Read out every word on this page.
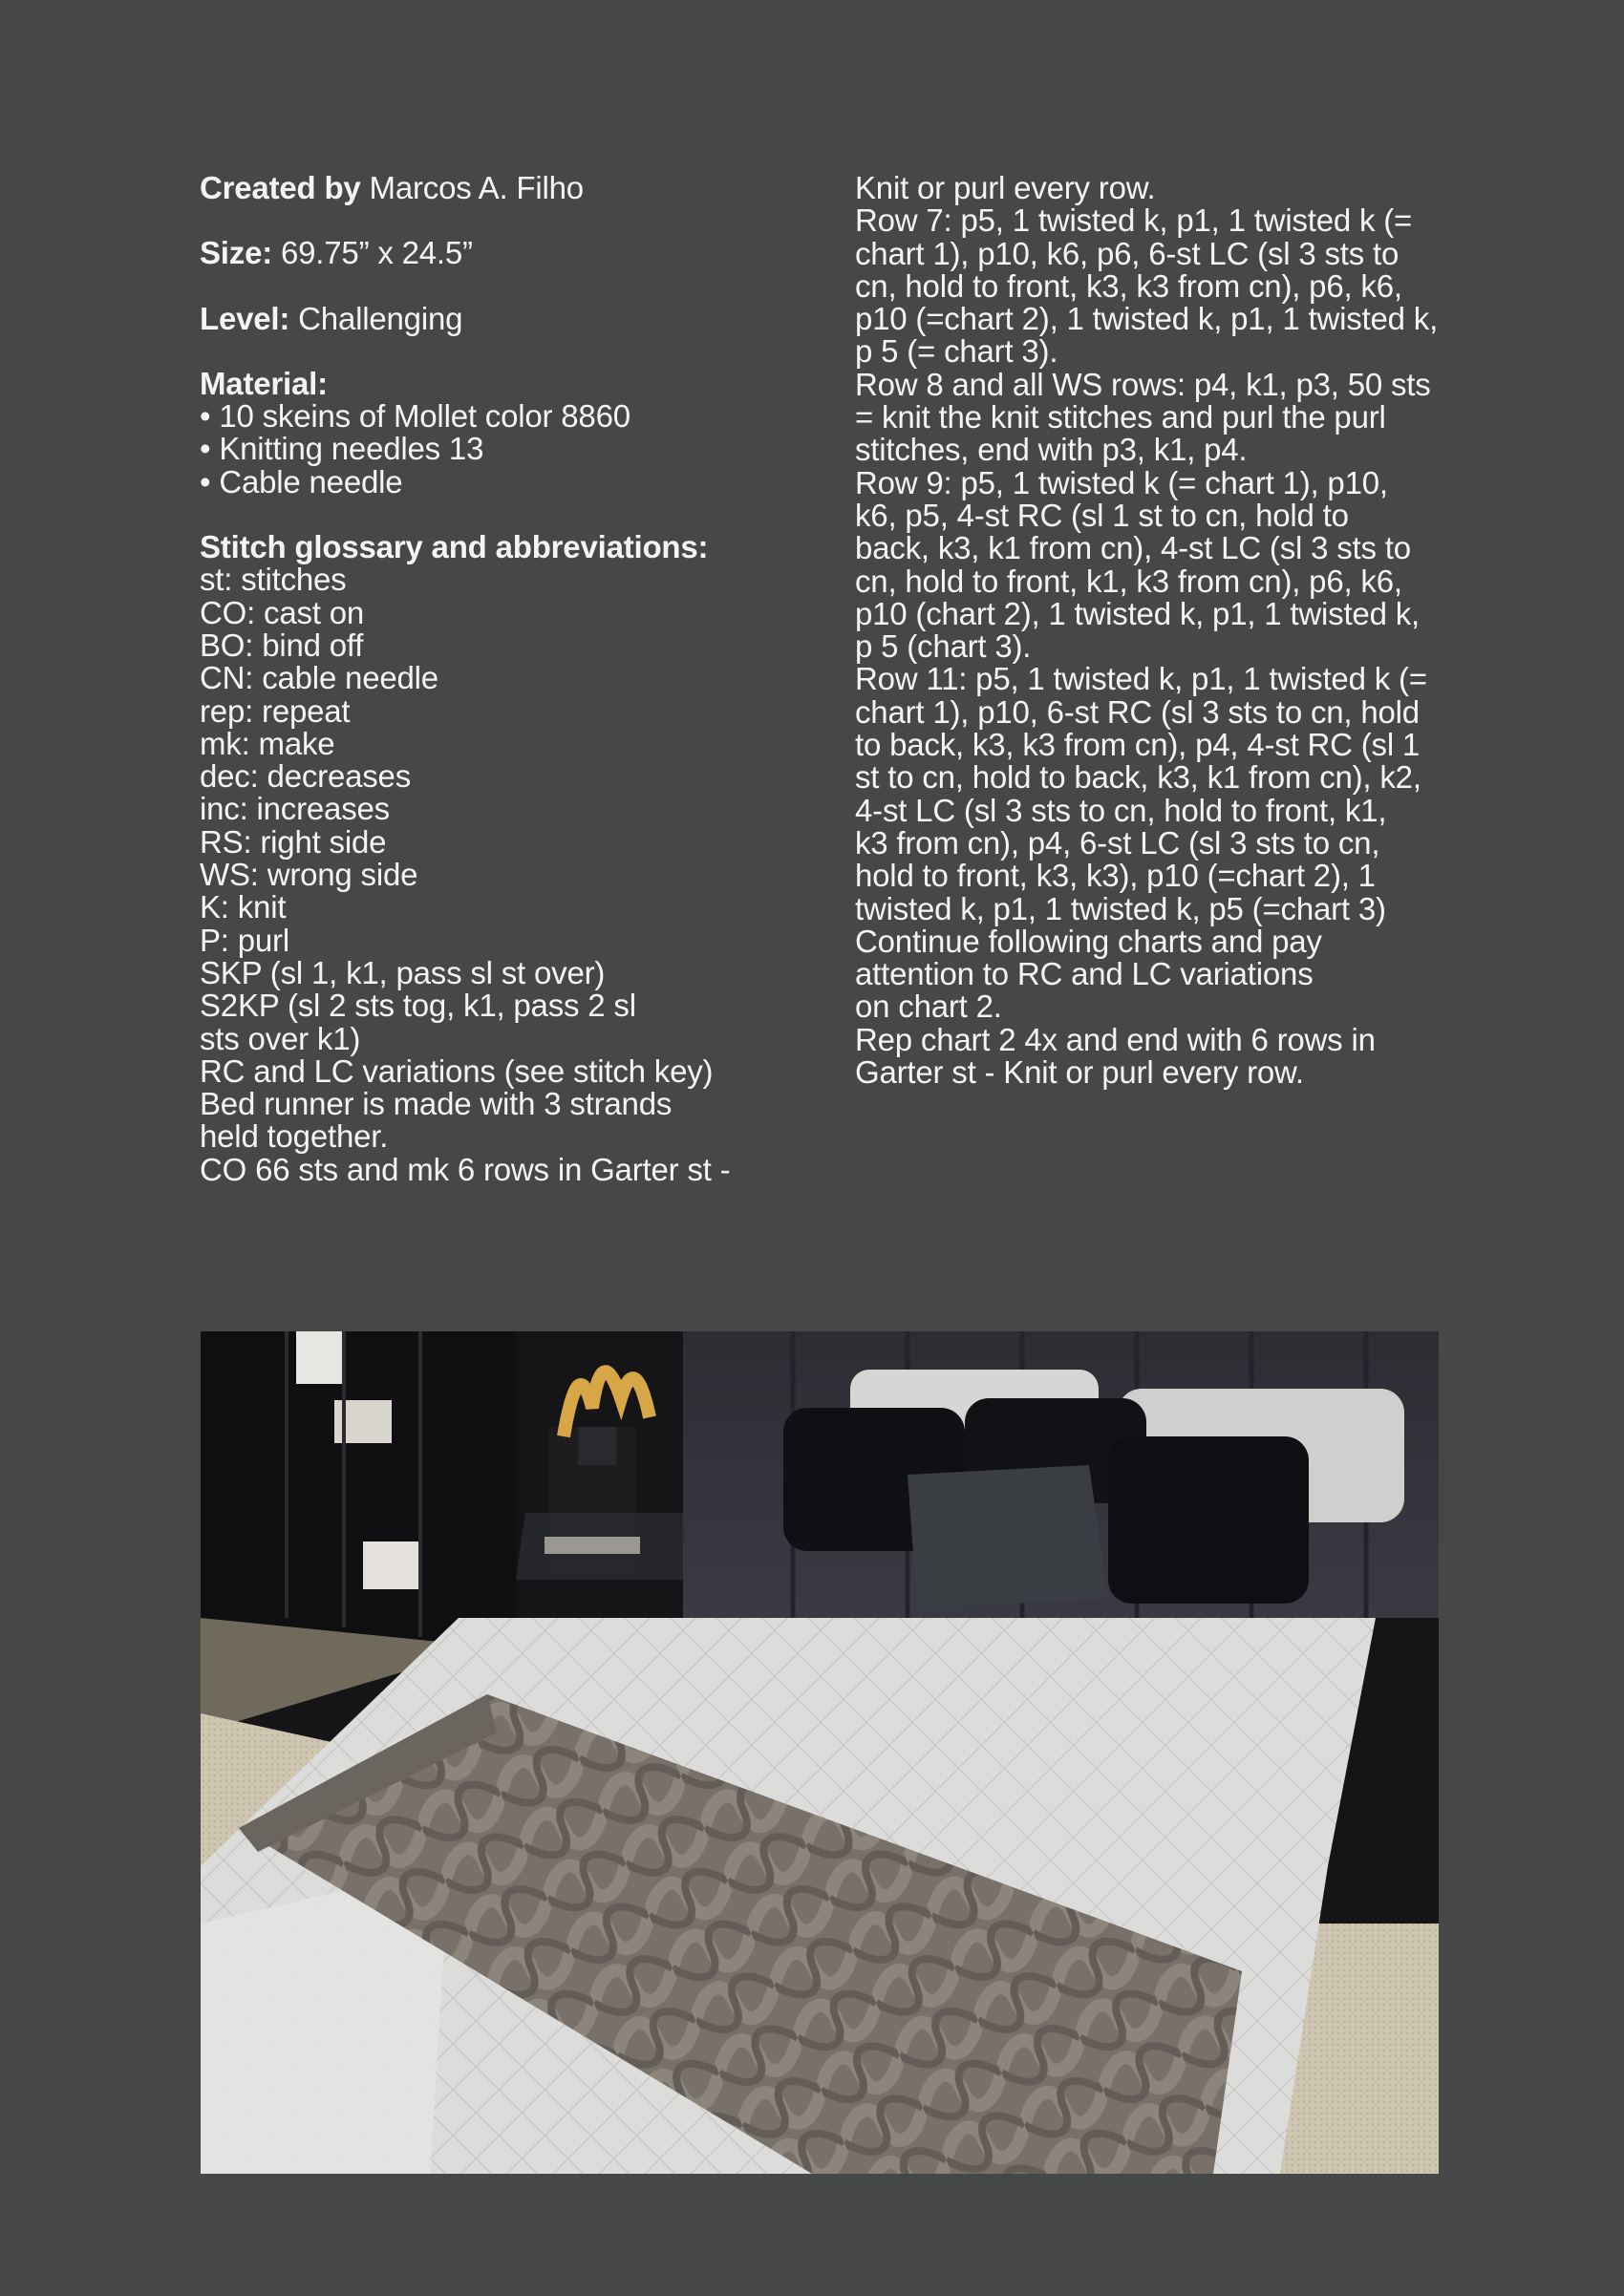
Created by Marcos A. Filho
Size: 69.75” x 24.5”
Level: Challenging
Material:
• 10 skeins of Mollet color 8860
• Knitting needles 13
• Cable needle
Stitch glossary and abbreviations:
st: stitches
CO: cast on
BO: bind off
CN: cable needle
rep: repeat
mk: make
dec: decreases
inc: increases
RS: right side
WS: wrong side
K: knit
P: purl
SKP (sl 1, k1, pass sl st over)
S2KP (sl 2 sts tog, k1, pass 2 sl
sts over k1)
RC and LC variations (see stitch key)
Bed runner is made with 3 strands
held together.
CO 66 sts and mk 6 rows in Garter st -
Knit or purl every row.
Row 7: p5, 1 twisted k, p1, 1 twisted k (=
chart 1), p10, k6, p6, 6-st LC (sl 3 sts to
cn, hold to front, k3, k3 from cn), p6, k6,
p10 (=chart 2), 1 twisted k, p1, 1 twisted k,
p 5 (= chart 3).
Row 8 and all WS rows: p4, k1, p3, 50 sts
= knit the knit stitches and purl the purl
stitches, end with p3, k1, p4.
Row 9: p5, 1 twisted k (= chart 1), p10,
k6, p5, 4-st RC (sl 1 st to cn, hold to
back, k3, k1 from cn), 4-st LC (sl 3 sts to
cn, hold to front, k1, k3 from cn), p6, k6,
p10 (chart 2), 1 twisted k, p1, 1 twisted k,
p 5 (chart 3).
Row 11: p5, 1 twisted k, p1, 1 twisted k (=
chart 1), p10, 6-st RC (sl 3 sts to cn, hold
to back, k3, k3 from cn), p4, 4-st RC (sl 1
st to cn, hold to back, k3, k1 from cn), k2,
4-st LC (sl 3 sts to cn, hold to front, k1,
k3 from cn), p4, 6-st LC (sl 3 sts to cn,
hold to front, k3, k3), p10 (=chart 2), 1
twisted k, p1, 1 twisted k, p5 (=chart 3)
Continue following charts and pay
attention to RC and LC variations
on chart 2.
Rep chart 2 4x and end with 6 rows in
Garter st - Knit or purl every row.
